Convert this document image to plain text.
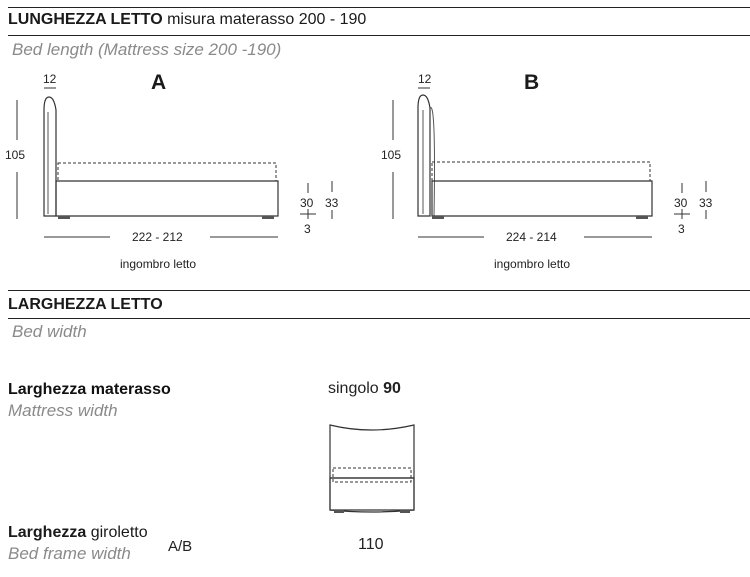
LUNGHEZZA LETTO misura materasso 200 - 190
Bed length (Mattress size 200 -190)
A
12
105
30
3
33
222 - 212
ingombro letto
B
12
105
30
3
33
224 - 214
ingombro letto
LARGHEZZA LETTO
Bed width
Larghezza materasso
Mattress width
singolo 90
Larghezza giroletto
Bed frame width A/B	110
